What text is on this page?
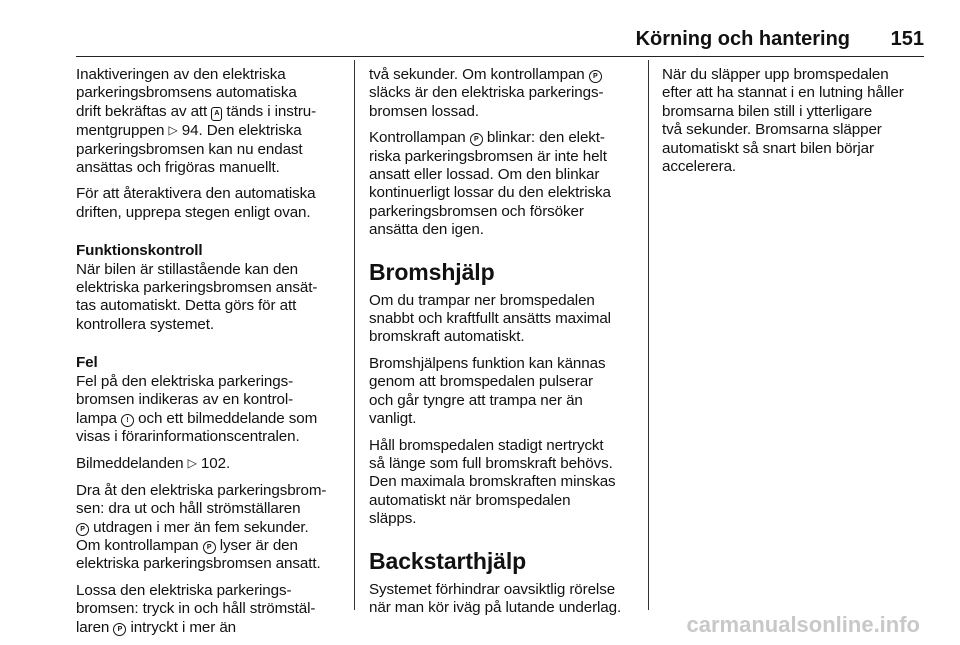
Körning och hantering 151
Inaktiveringen av den elektriska
parkeringsbromsens automatiska
drift bekräftas av att A tänds i instru-
mentgruppen ▷ 94. Den elektriska
parkeringsbromsen kan nu endast
ansättas och frigöras manuellt.
För att återaktivera den automatiska
driften, upprepa stegen enligt ovan.
Funktionskontroll
När bilen är stillastående kan den
elektriska parkeringsbromsen ansät-
tas automatiskt. Detta görs för att
kontrollera systemet.
Fel
Fel på den elektriska parkerings-
bromsen indikeras av en kontrol-
lampa ! och ett bilmeddelande som
visas i förarinformationscentralen.
Bilmeddelanden ▷ 102.
Dra åt den elektriska parkeringsbrom-
sen: dra ut och håll strömställaren
P utdragen i mer än fem sekunder.
Om kontrollampan P lyser är den
elektriska parkeringsbromsen ansatt.
Lossa den elektriska parkerings-
bromsen: tryck in och håll strömstäl-
laren P intryckt i mer än
två sekunder. Om kontrollampan P
släcks är den elektriska parkerings-
bromsen lossad.
Kontrollampan P blinkar: den elekt-
riska parkeringsbromsen är inte helt
ansatt eller lossad. Om den blinkar
kontinuerligt lossar du den elektriska
parkeringsbromsen och försöker
ansätta den igen.
Bromshjälp
Om du trampar ner bromspedalen
snabbt och kraftfullt ansätts maximal
bromskraft automatiskt.
Bromshjälpens funktion kan kännas
genom att bromspedalen pulserar
och går tyngre att trampa ner än
vanligt.
Håll bromspedalen stadigt nertryckt
så länge som full bromskraft behövs.
Den maximala bromskraften minskas
automatiskt när bromspedalen
släpps.
Backstarthjälp
Systemet förhindrar oavsiktlig rörelse
när man kör iväg på lutande underlag.
När du släpper upp bromspedalen
efter att ha stannat i en lutning håller
bromsarna bilen still i ytterligare
två sekunder. Bromsarna släpper
automatiskt så snart bilen börjar
accelerera.
carmanualsonline.info
